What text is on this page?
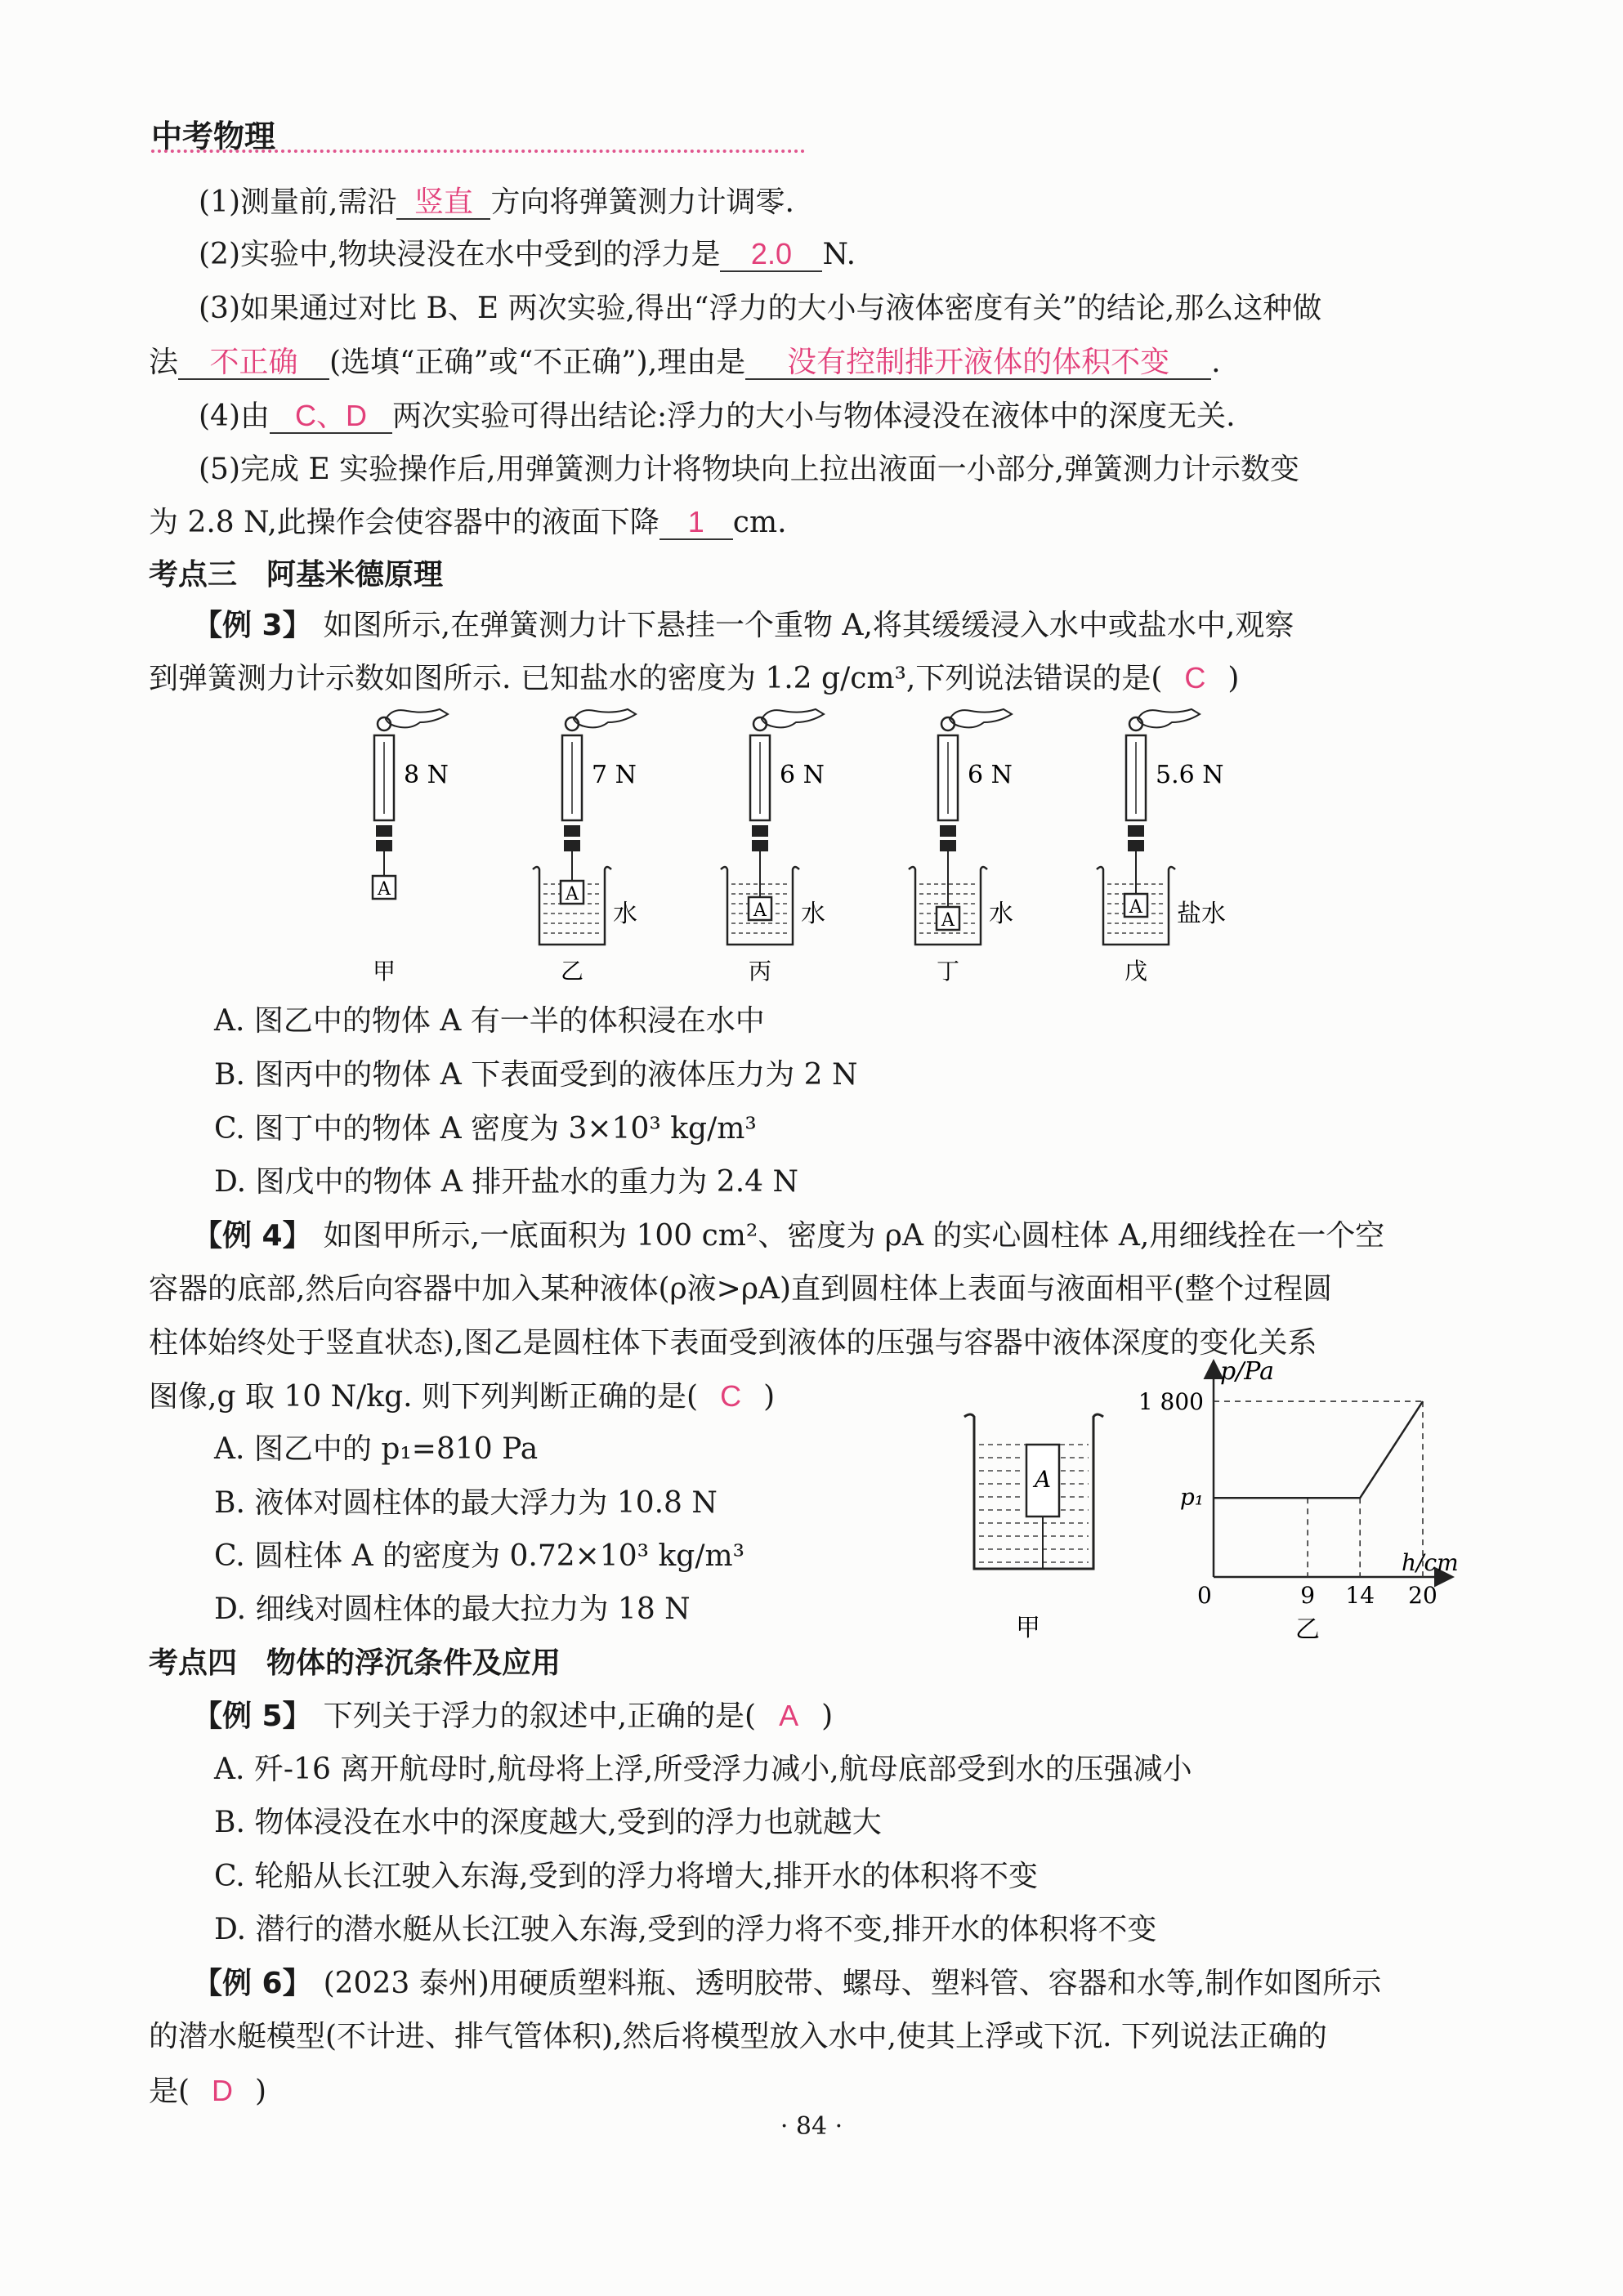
中考物理
(1)测量前,需沿 竖直 方向将弹簧测力计调零.
(2)实验中,物块浸没在水中受到的浮力是 2.0 N.
(3)如果通过对比 B、E 两次实验,得出“浮力的大小与液体密度有关”的结论,那么这种做
法 不正确 (选填“正确”或“不正确”),理由是 没有控制排开液体的体积不变 .
(4)由 C、D 两次实验可得出结论:浮力的大小与物体浸没在液体中的深度无关.
(5)完成 E 实验操作后,用弹簧测力计将物块向上拉出液面一小部分,弹簧测力计示数变
为 2.8 N,此操作会使容器中的液面下降 1 cm.
考点三　阿基米德原理
【例 3】 如图所示,在弹簧测力计下悬挂一个重物 A,将其缓缓浸入水中或盐水中,观察
到弹簧测力计示数如图所示. 已知盐水的密度为 1.2 g/cm³,下列说法错误的是( C )
8 N
A
甲
7 N
水
A
乙
6 N
水
A
丙
6 N
水
A
丁
5.6 N
盐水
A
戊
A. 图乙中的物体 A 有一半的体积浸在水中
B. 图丙中的物体 A 下表面受到的液体压力为 2 N
C. 图丁中的物体 A 密度为 3×10³ kg/m³
D. 图戊中的物体 A 排开盐水的重力为 2.4 N
【例 4】 如图甲所示,一底面积为 100 cm²、密度为 ρA 的实心圆柱体 A,用细线拴在一个空
容器的底部,然后向容器中加入某种液体(ρ液>ρA)直到圆柱体上表面与液面相平(整个过程圆
柱体始终处于竖直状态),图乙是圆柱体下表面受到液体的压强与容器中液体深度的变化关系
图像,g 取 10 N/kg. 则下列判断正确的是( C )
A. 图乙中的 p₁=810 Pa
B. 液体对圆柱体的最大浮力为 10.8 N
C. 圆柱体 A 的密度为 0.72×10³ kg/m³
D. 细线对圆柱体的最大拉力为 18 N
A
甲
p/Pa
h/cm
0
1 800
p₁
9 14 20
乙
考点四　物体的浮沉条件及应用
【例 5】 下列关于浮力的叙述中,正确的是( A )
A. 歼-16 离开航母时,航母将上浮,所受浮力减小,航母底部受到水的压强减小
B. 物体浸没在水中的深度越大,受到的浮力也就越大
C. 轮船从长江驶入东海,受到的浮力将增大,排开水的体积将不变
D. 潜行的潜水艇从长江驶入东海,受到的浮力将不变,排开水的体积将不变
【例 6】 (2023 泰州)用硬质塑料瓶、透明胶带、螺母、塑料管、容器和水等,制作如图所示
的潜水艇模型(不计进、排气管体积),然后将模型放入水中,使其上浮或下沉. 下列说法正确的
是( D )
· 84 ·
